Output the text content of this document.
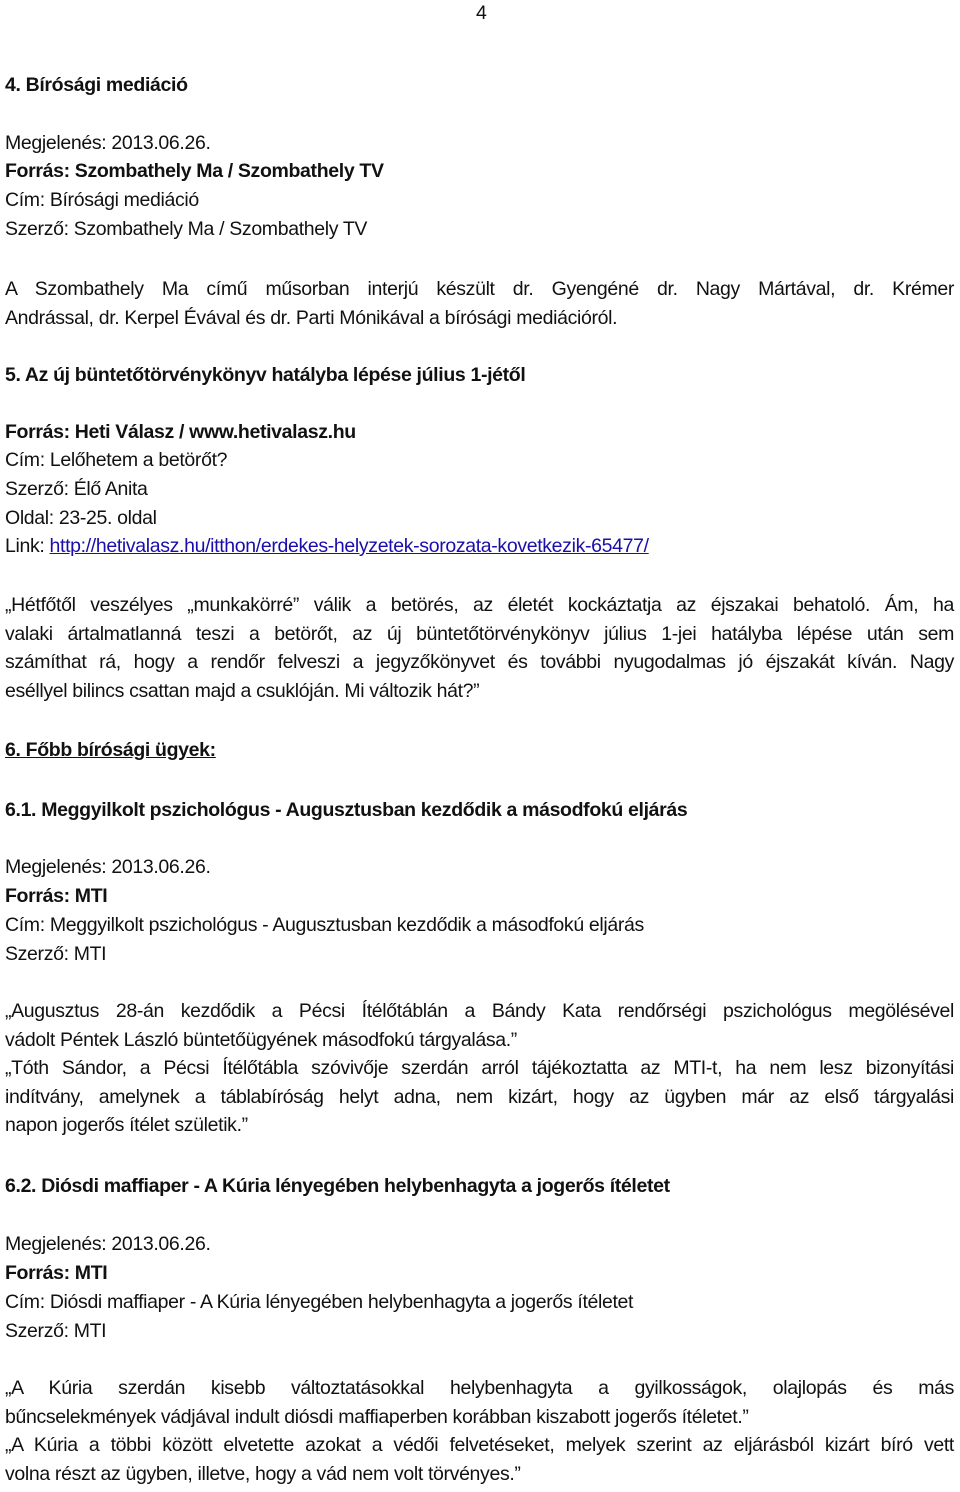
4
4. Bírósági mediáció
Megjelenés: 2013.06.26.
Forrás: Szombathely Ma / Szombathely TV
Cím: Bírósági mediáció
Szerző: Szombathely Ma / Szombathely TV
A Szombathely Ma című műsorban interjú készült dr. Gyengéné dr. Nagy Mártával, dr. Krémer
Andrással, dr. Kerpel Évával és dr. Parti Mónikával a bírósági mediációról.
5. Az új büntetőtörvénykönyv hatályba lépése július 1-jétől
Forrás: Heti Válasz / www.hetivalasz.hu
Cím: Lelőhetem a betörőt?
Szerző: Élő Anita
Oldal: 23-25. oldal
Link: http://hetivalasz.hu/itthon/erdekes-helyzetek-sorozata-kovetkezik-65477/
„Hétfőtől veszélyes „munkakörré” válik a betörés, az életét kockáztatja az éjszakai behatoló. Ám, ha
valaki ártalmatlanná teszi a betörőt, az új büntetőtörvénykönyv július 1-jei hatályba lépése után sem
számíthat rá, hogy a rendőr felveszi a jegyzőkönyvet és további nyugodalmas jó éjszakát kíván. Nagy
eséllyel bilincs csattan majd a csuklóján. Mi változik hát?”
6. Főbb bírósági ügyek:
6.1. Meggyilkolt pszichológus - Augusztusban kezdődik a másodfokú eljárás
Megjelenés: 2013.06.26.
Forrás: MTI
Cím: Meggyilkolt pszichológus - Augusztusban kezdődik a másodfokú eljárás
Szerző: MTI
„Augusztus 28-án kezdődik a Pécsi Ítélőtáblán a Bándy Kata rendőrségi pszichológus megölésével
vádolt Péntek László büntetőügyének másodfokú tárgyalása.”
„Tóth Sándor, a Pécsi Ítélőtábla szóvivője szerdán arról tájékoztatta az MTI-t, ha nem lesz bizonyítási
indítvány, amelynek a táblabíróság helyt adna, nem kizárt, hogy az ügyben már az első tárgyalási
napon jogerős ítélet születik.”
6.2. Diósdi maffiaper - A Kúria lényegében helybenhagyta a jogerős ítéletet
Megjelenés: 2013.06.26.
Forrás: MTI
Cím: Diósdi maffiaper - A Kúria lényegében helybenhagyta a jogerős ítéletet
Szerző: MTI
„A Kúria szerdán kisebb változtatásokkal helybenhagyta a gyilkosságok, olajlopás és más
bűncselekmények vádjával indult diósdi maffiaperben korábban kiszabott jogerős ítéletet.”
„A Kúria a többi között elvetette azokat a védői felvetéseket, melyek szerint az eljárásból kizárt bíró vett
volna részt az ügyben, illetve, hogy a vád nem volt törvényes.”
